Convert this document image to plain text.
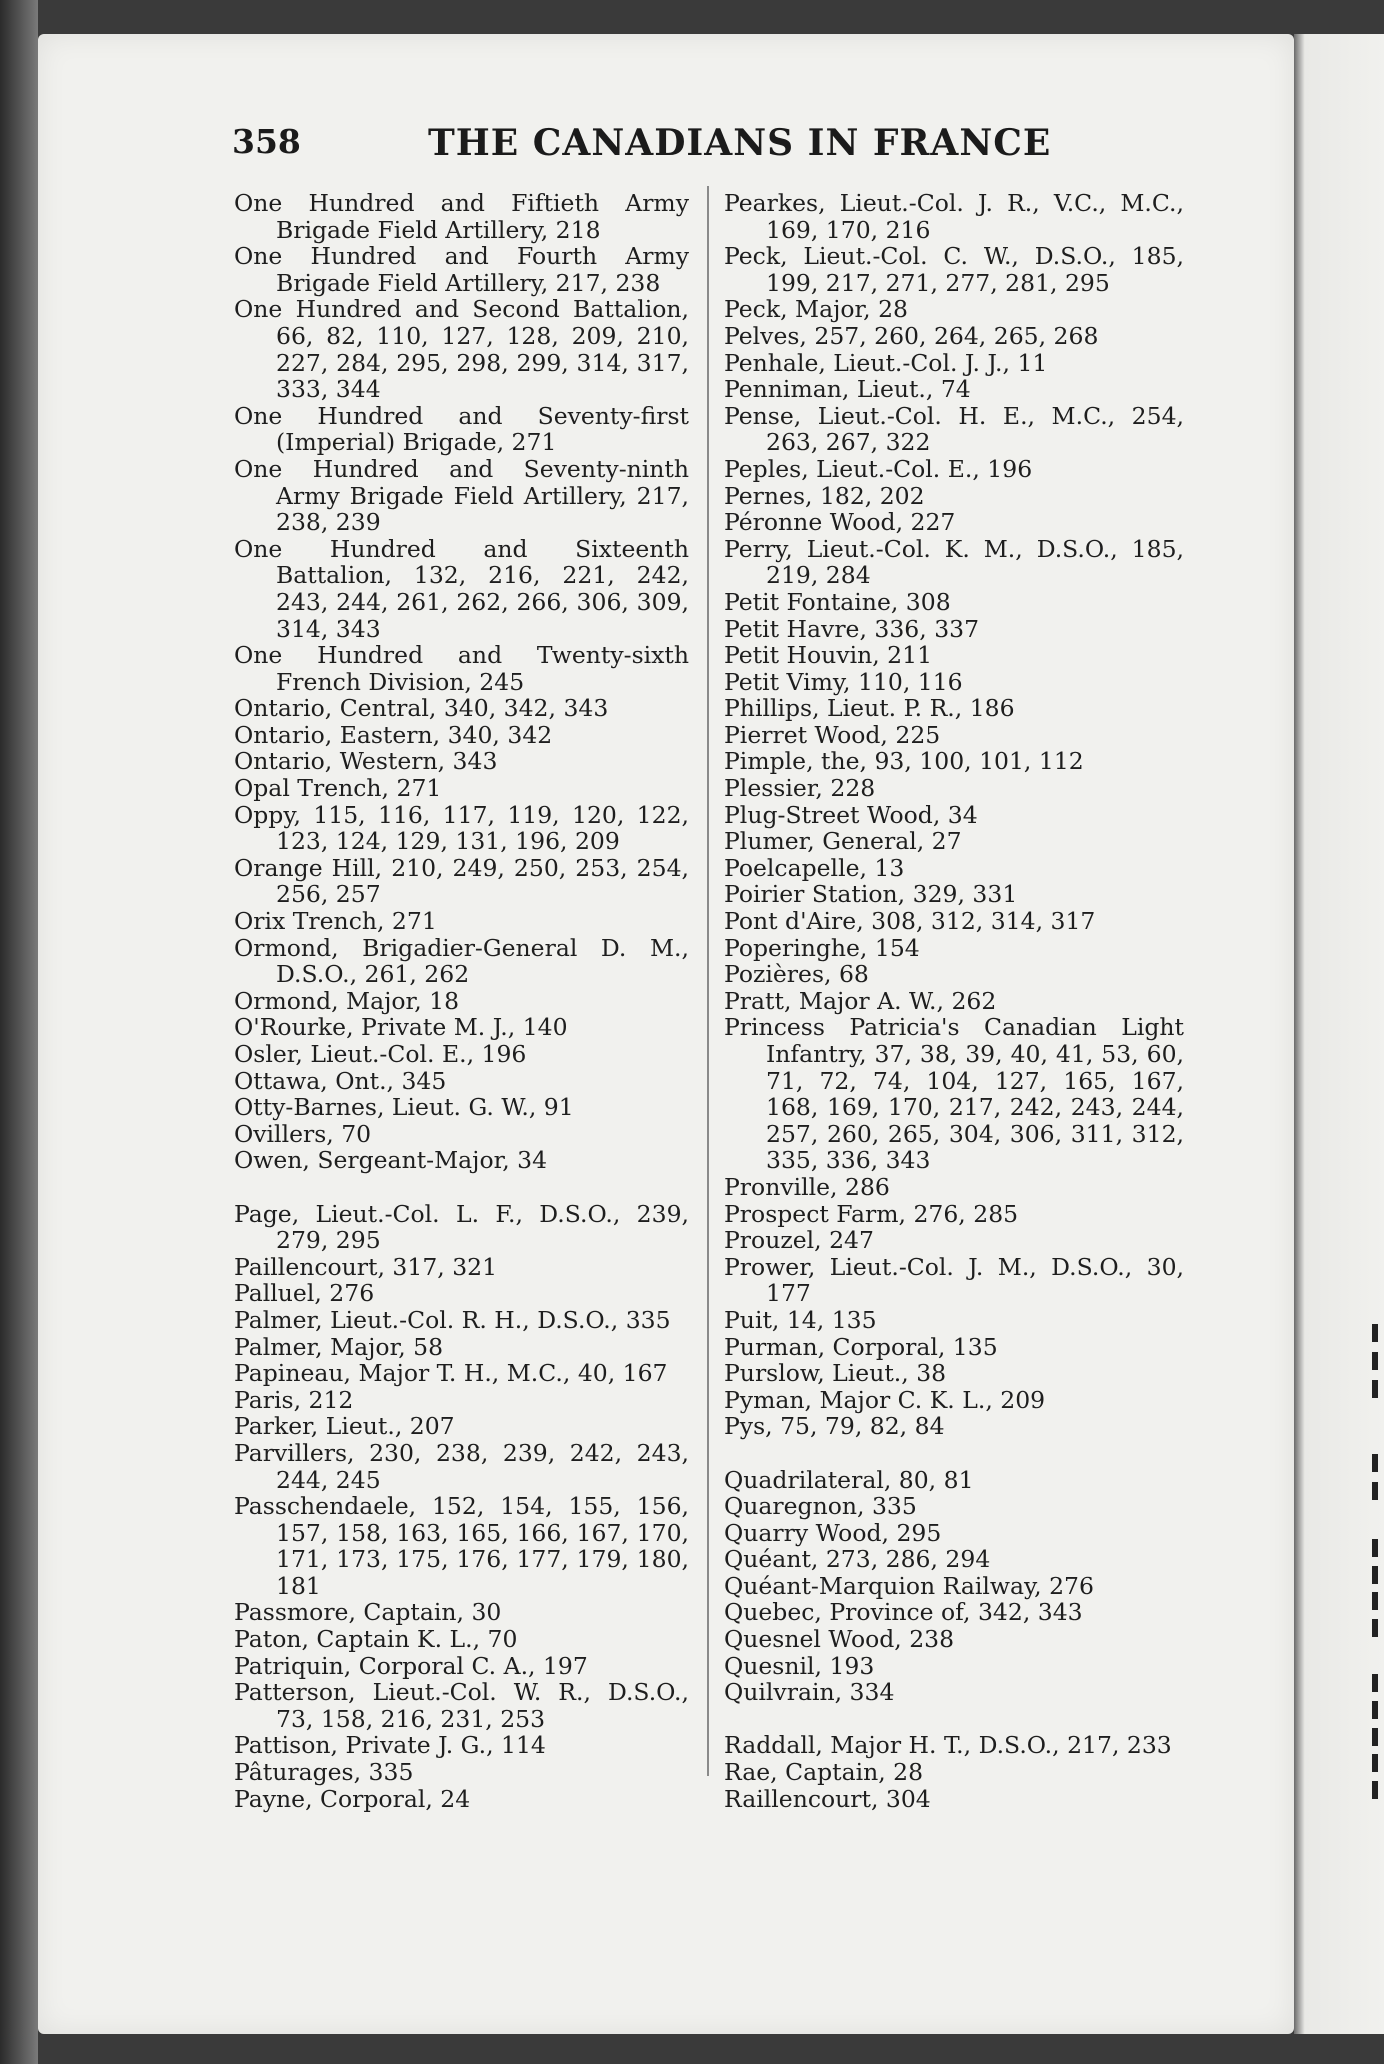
358	THE CANADIANS IN FRANCE
One Hundred and Fiftieth Army Brigade Field Artillery, 218
One Hundred and Fourth Army Brigade Field Artillery, 217, 238
One Hundred and Second Battalion, 66, 82, 110, 127, 128, 209, 210, 227, 284, 295, 298, 299, 314, 317, 333, 344
One Hundred and Seventy-first (Imperial) Brigade, 271
One Hundred and Seventy-ninth Army Brigade Field Artillery, 217, 238, 239
One Hundred and Sixteenth Battalion, 132, 216, 221, 242, 243, 244, 261, 262, 266, 306, 309, 314, 343
One Hundred and Twenty-sixth French Division, 245
Ontario, Central, 340, 342, 343
Ontario, Eastern, 340, 342
Ontario, Western, 343
Opal Trench, 271
Oppy, 115, 116, 117, 119, 120, 122, 123, 124, 129, 131, 196, 209
Orange Hill, 210, 249, 250, 253, 254, 256, 257
Orix Trench, 271
Ormond, Brigadier-General D. M., D.S.O., 261, 262
Ormond, Major, 18
O'Rourke, Private M. J., 140
Osler, Lieut.-Col. E., 196
Ottawa, Ont., 345
Otty-Barnes, Lieut. G. W., 91
Ovillers, 70
Owen, Sergeant-Major, 34
Page, Lieut.-Col. L. F., D.S.O., 239, 279, 295
Paillencourt, 317, 321
Palluel, 276
Palmer, Lieut.-Col. R. H., D.S.O., 335
Palmer, Major, 58
Papineau, Major T. H., M.C., 40, 167
Paris, 212
Parker, Lieut., 207
Parvillers, 230, 238, 239, 242, 243, 244, 245
Passchendaele, 152, 154, 155, 156, 157, 158, 163, 165, 166, 167, 170, 171, 173, 175, 176, 177, 179, 180, 181
Passmore, Captain, 30
Paton, Captain K. L., 70
Patriquin, Corporal C. A., 197
Patterson, Lieut.-Col. W. R., D.S.O., 73, 158, 216, 231, 253
Pattison, Private J. G., 114
Pâturages, 335
Payne, Corporal, 24
Pearkes, Lieut.-Col. J. R., V.C., M.C., 169, 170, 216
Peck, Lieut.-Col. C. W., D.S.O., 185, 199, 217, 271, 277, 281, 295
Peck, Major, 28
Pelves, 257, 260, 264, 265, 268
Penhale, Lieut.-Col. J. J., 11
Penniman, Lieut., 74
Pense, Lieut.-Col. H. E., M.C., 254, 263, 267, 322
Peples, Lieut.-Col. E., 196
Pernes, 182, 202
Péronne Wood, 227
Perry, Lieut.-Col. K. M., D.S.O., 185, 219, 284
Petit Fontaine, 308
Petit Havre, 336, 337
Petit Houvin, 211
Petit Vimy, 110, 116
Phillips, Lieut. P. R., 186
Pierret Wood, 225
Pimple, the, 93, 100, 101, 112
Plessier, 228
Plug-Street Wood, 34
Plumer, General, 27
Poelcapelle, 13
Poirier Station, 329, 331
Pont d'Aire, 308, 312, 314, 317
Poperinghe, 154
Pozières, 68
Pratt, Major A. W., 262
Princess Patricia's Canadian Light Infantry, 37, 38, 39, 40, 41, 53, 60, 71, 72, 74, 104, 127, 165, 167, 168, 169, 170, 217, 242, 243, 244, 257, 260, 265, 304, 306, 311, 312, 335, 336, 343
Pronville, 286
Prospect Farm, 276, 285
Prouzel, 247
Prower, Lieut.-Col. J. M., D.S.O., 30, 177
Puit, 14, 135
Purman, Corporal, 135
Purslow, Lieut., 38
Pyman, Major C. K. L., 209
Pys, 75, 79, 82, 84
Quadrilateral, 80, 81
Quaregnon, 335
Quarry Wood, 295
Quéant, 273, 286, 294
Quéant-Marquion Railway, 276
Quebec, Province of, 342, 343
Quesnel Wood, 238
Quesnil, 193
Quilvrain, 334
Raddall, Major H. T., D.S.O., 217, 233
Rae, Captain, 28
Raillencourt, 304
